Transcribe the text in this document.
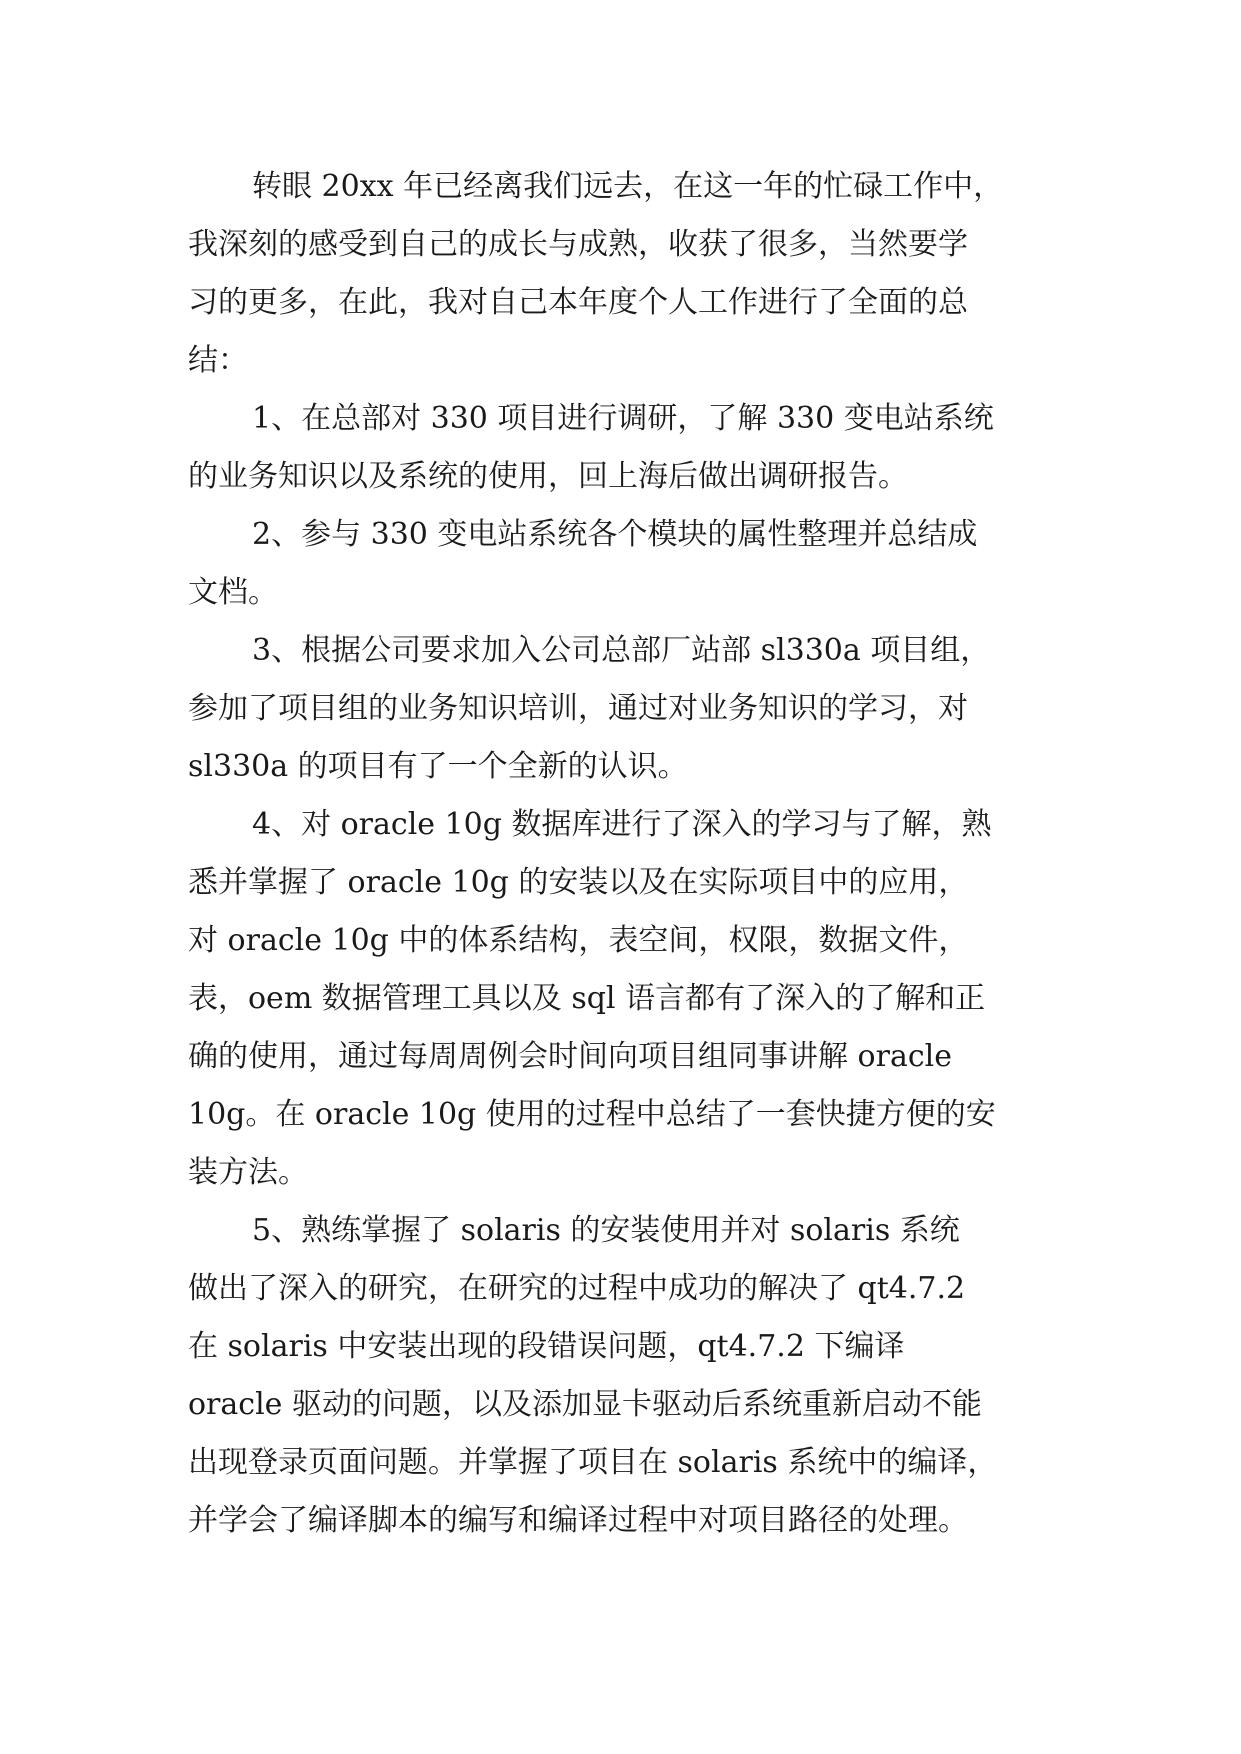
转眼 20xx 年已经离我们远去，在这一年的忙碌工作中，
我深刻的感受到自己的成长与成熟，收获了很多，当然要学
习的更多，在此，我对自己本年度个人工作进行了全面的总
结：

1、在总部对 330 项目进行调研，了解 330 变电站系统
的业务知识以及系统的使用，回上海后做出调研报告。

2、参与 330 变电站系统各个模块的属性整理并总结成
文档。

3、根据公司要求加入公司总部厂站部 sl330a 项目组，
参加了项目组的业务知识培训，通过对业务知识的学习，对
sl330a 的项目有了一个全新的认识。

4、对 oracle 10g 数据库进行了深入的学习与了解，熟
悉并掌握了 oracle 10g 的安装以及在实际项目中的应用，
对 oracle 10g 中的体系结构，表空间，权限，数据文件，
表，oem 数据管理工具以及 sql 语言都有了深入的了解和正
确的使用，通过每周周例会时间向项目组同事讲解 oracle
10g。在 oracle 10g 使用的过程中总结了一套快捷方便的安
装方法。

5、熟练掌握了 solaris 的安装使用并对 solaris 系统
做出了深入的研究，在研究的过程中成功的解决了 qt4.7.2
在 solaris 中安装出现的段错误问题，qt4.7.2 下编译
oracle 驱动的问题，以及添加显卡驱动后系统重新启动不能
出现登录页面问题。并掌握了项目在 solaris 系统中的编译，
并学会了编译脚本的编写和编译过程中对项目路径的处理。
